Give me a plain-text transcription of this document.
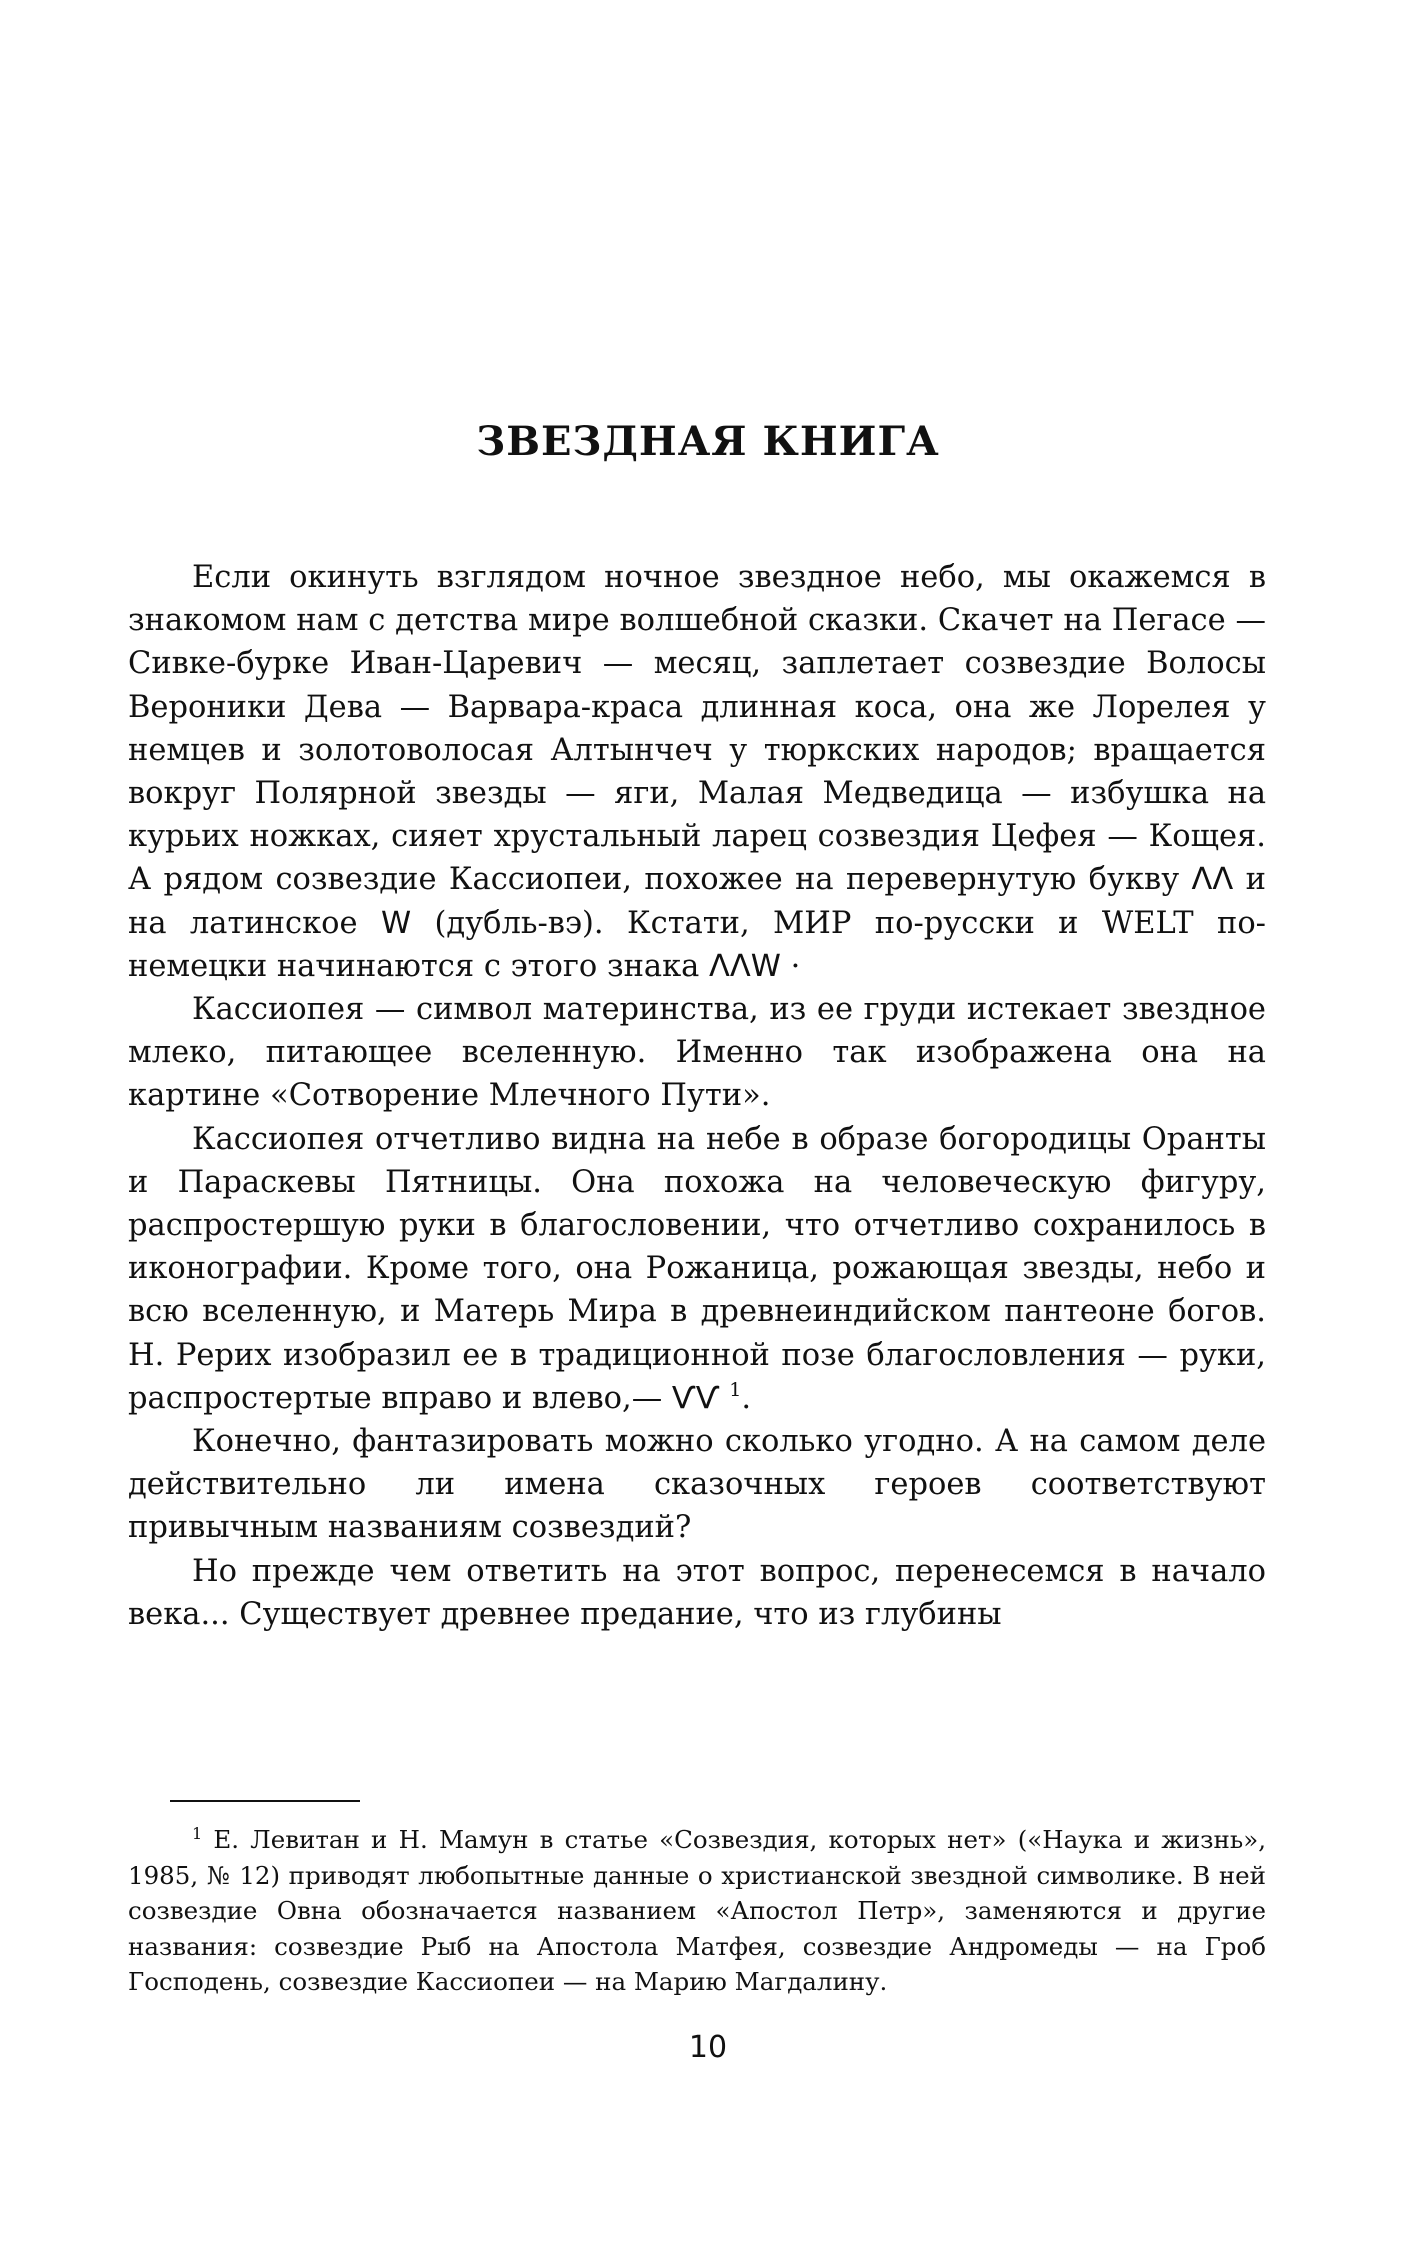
ЗВЕЗДНАЯ КНИГА

Если окинуть взглядом ночное звездное небо, мы окажемся в знакомом нам с детства мире волшебной сказки. Скачет на Пегасе — Сивке-бурке Иван-Царевич — месяц, заплетает созвездие Волосы Вероники Дева — Варвара-краса длинная коса, она же Лорелея у немцев и золотоволосая Алтынчеч у тюркских народов; вращается вокруг Полярной звезды — яги, Малая Медведица — избушка на курьих ножках, сияет хрустальный ларец созвездия Цефея — Кощея. А рядом созвездие Кассиопеи, похожее на перевернутую букву ΛΛ и на латинское W (дубль-вэ). Кстати, МИР по-русски и WELT по-немецки начинаются с этого знака ΛΛW ·

Кассиопея — символ материнства, из ее груди истекает звездное млеко, питающее вселенную. Именно так изображена она на картине «Сотворение Млечного Пути».

Кассиопея отчетливо видна на небе в образе богородицы Оранты и Параскевы Пятницы. Она похожа на человеческую фигуру, распростершую руки в благословении, что отчетливо сохранилось в иконографии. Кроме того, она Рожаница, рожающая звезды, небо и всю вселенную, и Матерь Мира в древнеиндийском пантеоне богов. Н. Рерих изобразил ее в традиционной позе благословления — руки, распростертые вправо и влево,— ѴѴ $^1$.

Конечно, фантазировать можно сколько угодно. А на самом деле действительно ли имена сказочных героев соответствуют привычным названиям созвездий?

Но прежде чем ответить на этот вопрос, перенесемся в начало века... Существует древнее предание, что из глубины

$^1$ Е. Левитан и Н. Мамун в статье «Созвездия, которых нет» («Наука и жизнь», 1985, № 12) приводят любопытные данные о христианской звездной символике. В ней созвездие Овна обозначается названием «Апостол Петр», заменяются и другие названия: созвездие Рыб на Апостола Матфея, созвездие Андромеды — на Гроб Господень, созвездие Кассиопеи — на Марию Магдалину.

10
